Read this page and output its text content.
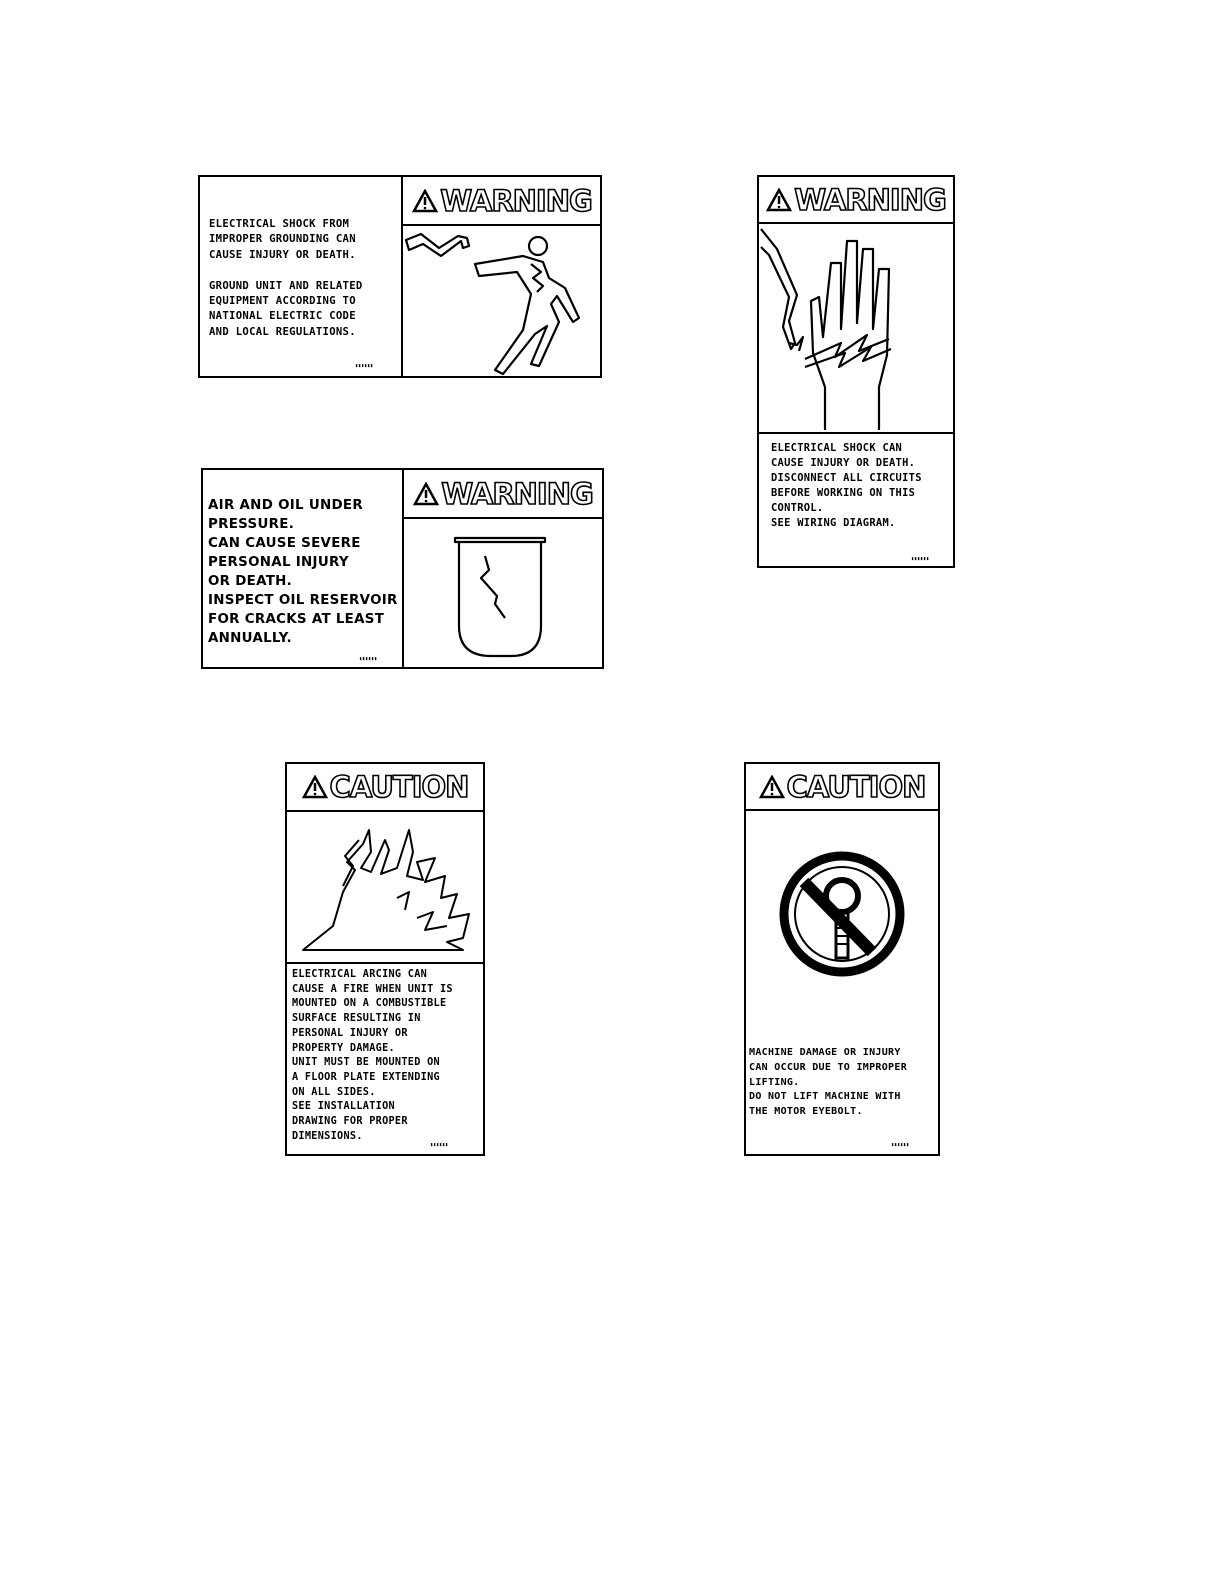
WARNING
ELECTRICAL SHOCK FROM
IMPROPER GROUNDING CAN
CAUSE INJURY OR DEATH.

GROUND UNIT AND RELATED
EQUIPMENT ACCORDING TO
NATIONAL ELECTRIC CODE
AND LOCAL REGULATIONS.
▮▮▮▮▮▮
WARNING
ELECTRICAL SHOCK CAN
CAUSE INJURY OR DEATH.
DISCONNECT ALL CIRCUITS
BEFORE WORKING ON THIS
CONTROL.
SEE WIRING DIAGRAM.
▮▮▮▮▮▮
WARNING
AIR AND OIL UNDER
PRESSURE.
CAN CAUSE SEVERE
PERSONAL INJURY
OR DEATH.
INSPECT OIL RESERVOIR
FOR CRACKS AT LEAST
ANNUALLY.
▮▮▮▮▮▮
CAUTION
ELECTRICAL ARCING CAN
CAUSE A FIRE WHEN UNIT IS
MOUNTED ON A COMBUSTIBLE
SURFACE RESULTING IN
PERSONAL INJURY OR
PROPERTY DAMAGE.
UNIT MUST BE MOUNTED ON
A FLOOR PLATE EXTENDING
ON ALL SIDES.
SEE INSTALLATION
DRAWING FOR PROPER
DIMENSIONS.
▮▮▮▮▮▮
CAUTION
MACHINE DAMAGE OR INJURY
CAN OCCUR DUE TO IMPROPER
LIFTING.
DO NOT LIFT MACHINE WITH
THE MOTOR EYEBOLT.
▮▮▮▮▮▮
